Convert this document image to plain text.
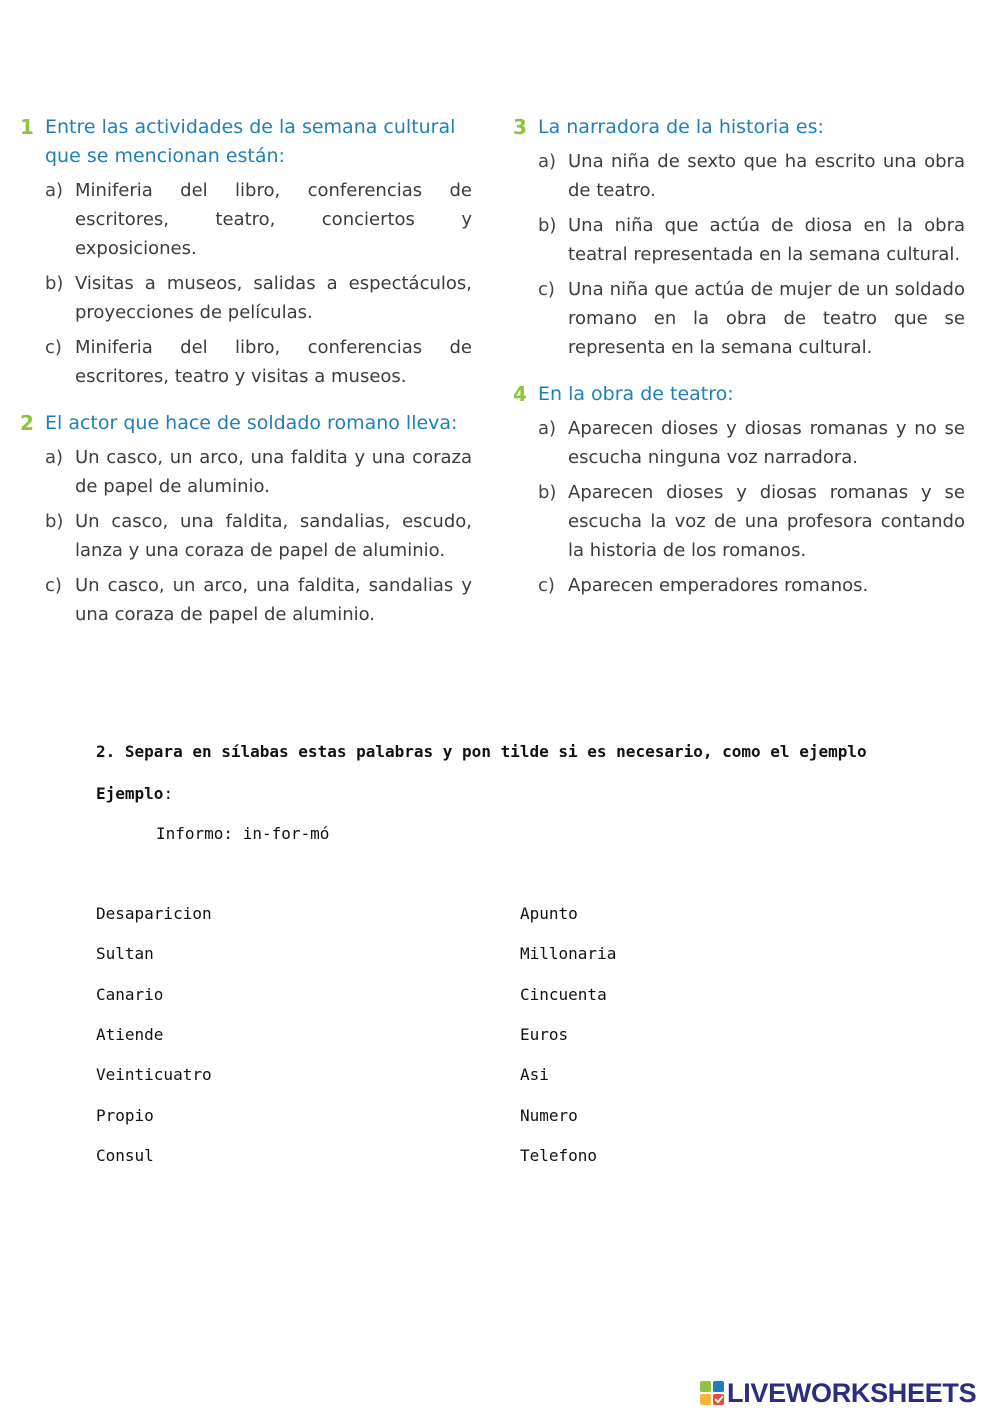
1 Entre las actividades de la semana cultural que se mencionan están:
a) Miniferia del libro, conferencias de escritores, teatro, conciertos y exposiciones.
b) Visitas a museos, salidas a espectáculos, proyecciones de películas.
c) Miniferia del libro, conferencias de escritores, teatro y visitas a museos.
2 El actor que hace de soldado romano lleva:
a) Un casco, un arco, una faldita y una coraza de papel de aluminio.
b) Un casco, una faldita, sandalias, escudo, lanza y una coraza de papel de aluminio.
c) Un casco, un arco, una faldita, sandalias y una coraza de papel de aluminio.
3 La narradora de la historia es:
a) Una niña de sexto que ha escrito una obra de teatro.
b) Una niña que actúa de diosa en la obra teatral representada en la semana cultural.
c) Una niña que actúa de mujer de un soldado romano en la obra de teatro que se representa en la semana cultural.
4 En la obra de teatro:
a) Aparecen dioses y diosas romanas y no se escucha ninguna voz narradora.
b) Aparecen dioses y diosas romanas y se escucha la voz de una profesora contando la historia de los romanos.
c) Aparecen emperadores romanos.

2. Separa en sílabas estas palabras y pon tilde si es necesario, como el ejemplo

Ejemplo:
Informo: in-for-mó
Desaparicion
Sultan
Canario
Atiende
Veinticuatro
Propio
Consul
Apunto
Millonaria
Cincuenta
Euros
Asi
Numero
Telefono
LIVEWORKSHEETS
